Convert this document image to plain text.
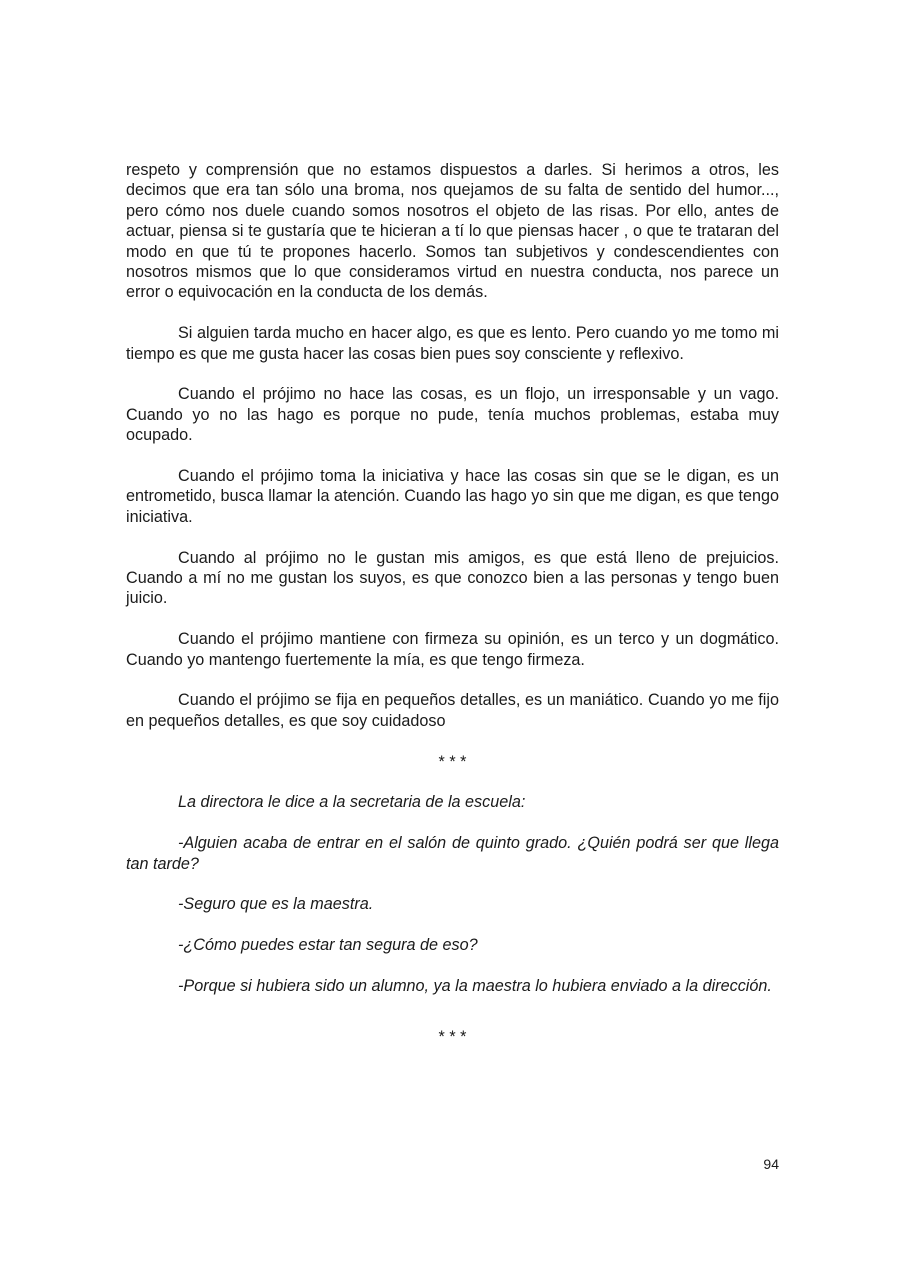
respeto y comprensión que no estamos dispuestos a darles. Si herimos a otros, les decimos que era tan sólo una broma, nos quejamos de su falta de sentido del humor..., pero cómo nos duele cuando somos nosotros el objeto de las risas. Por ello, antes de actuar, piensa si te gustaría que te hicieran a tí lo que piensas hacer , o que te trataran del modo en que tú te propones hacerlo. Somos tan subjetivos y condescendientes con nosotros mismos que lo que consideramos virtud en nuestra conducta, nos parece un error o equivocación en la conducta de los demás.

Si alguien tarda mucho en hacer algo, es que es lento. Pero cuando yo me tomo mi tiempo es que me gusta hacer las cosas bien pues soy consciente y reflexivo.

Cuando el prójimo no hace las cosas, es un flojo, un irresponsable y un vago. Cuando yo no las hago es porque no pude, tenía muchos problemas, estaba muy ocupado.

Cuando el prójimo toma la iniciativa y hace las cosas sin que se le digan, es un entrometido, busca llamar la atención. Cuando las hago yo sin que me digan, es que tengo iniciativa.

Cuando al prójimo no le gustan mis amigos, es que está lleno de prejuicios. Cuando a mí no me gustan los suyos, es que conozco bien a las personas y tengo buen juicio.

Cuando el prójimo mantiene con firmeza su opinión, es un terco y un dogmático. Cuando yo mantengo fuertemente la mía, es que tengo firmeza.

Cuando el prójimo se fija en pequeños detalles, es un maniático. Cuando yo me fijo en pequeños detalles, es que soy cuidadoso

* * *

La directora le dice a la secretaria de la escuela:

-Alguien acaba de entrar en el salón de quinto grado. ¿Quién podrá ser que llega tan tarde?

-Seguro que es la maestra.

-¿Cómo puedes estar tan segura de eso?

-Porque si hubiera sido un alumno, ya la maestra lo hubiera enviado a la dirección.

* * *

94
